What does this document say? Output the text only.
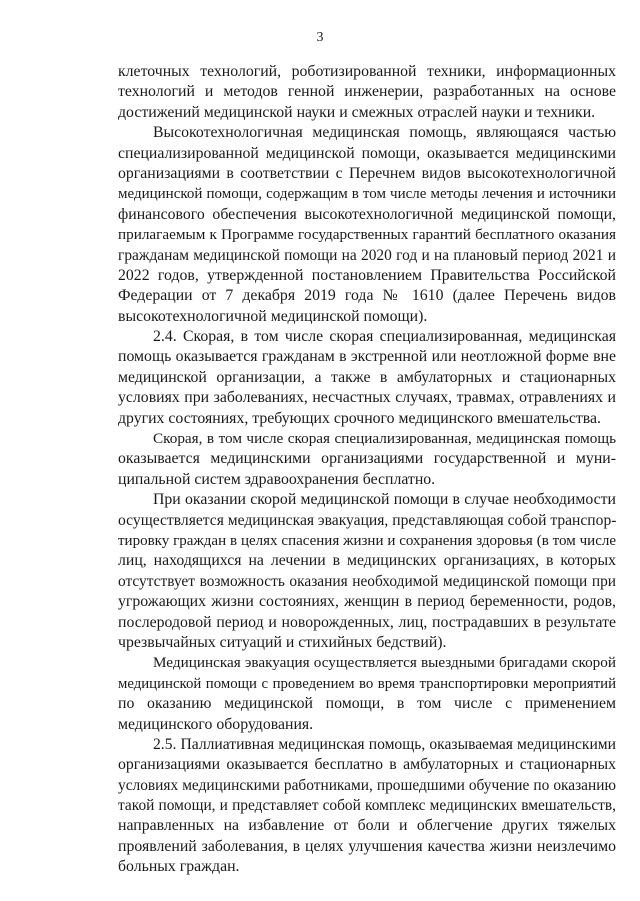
3
клеточных технологий, роботизированной техники, информационных
технологий и методов генной инженерии, разработанных на основе
достижений медицинской науки и смежных отраслей науки и техники.
Высокотехнологичная медицинская помощь, являющаяся частью
специализированной медицинской помощи, оказывается медицинскими
организациями в соответствии с Перечнем видов высокотехнологичной
медицинской помощи, содержащим в том числе методы лечения и источники
финансового обеспечения высокотехнологичной медицинской помощи,
прилагаемым к Программе государственных гарантий бесплатного оказания
гражданам медицинской помощи на 2020 год и на плановый период 2021 и
2022 годов, утвержденной постановлением Правительства Российской
Федерации от 7 декабря 2019 года № 1610 (далее Перечень видов
высокотехнологичной медицинской помощи).
2.4. Скорая, в том числе скорая специализированная, медицинская
помощь оказывается гражданам в экстренной или неотложной форме вне
медицинской организации, а также в амбулаторных и стационарных
условиях при заболеваниях, несчастных случаях, травмах, отравлениях и
других состояниях, требующих срочного медицинского вмешательства.
Скорая, в том числе скорая специализированная, медицинская помощь
оказывается медицинскими организациями государственной и муни-
ципальной систем здравоохранения бесплатно.
При оказании скорой медицинской помощи в случае необходимости
осуществляется медицинская эвакуация, представляющая собой транспор-
тировку граждан в целях спасения жизни и сохранения здоровья (в том числе
лиц, находящихся на лечении в медицинских организациях, в которых
отсутствует возможность оказания необходимой медицинской помощи при
угрожающих жизни состояниях, женщин в период беременности, родов,
послеродовой период и новорожденных, лиц, пострадавших в результате
чрезвычайных ситуаций и стихийных бедствий).
Медицинская эвакуация осуществляется выездными бригадами скорой
медицинской помощи с проведением во время транспортировки мероприятий
по оказанию медицинской помощи, в том числе с применением
медицинского оборудования.
2.5. Паллиативная медицинская помощь, оказываемая медицинскими
организациями оказывается бесплатно в амбулаторных и стационарных
условиях медицинскими работниками, прошедшими обучение по оказанию
такой помощи, и представляет собой комплекс медицинских вмешательств,
направленных на избавление от боли и облегчение других тяжелых
проявлений заболевания, в целях улучшения качества жизни неизлечимо
больных граждан.
